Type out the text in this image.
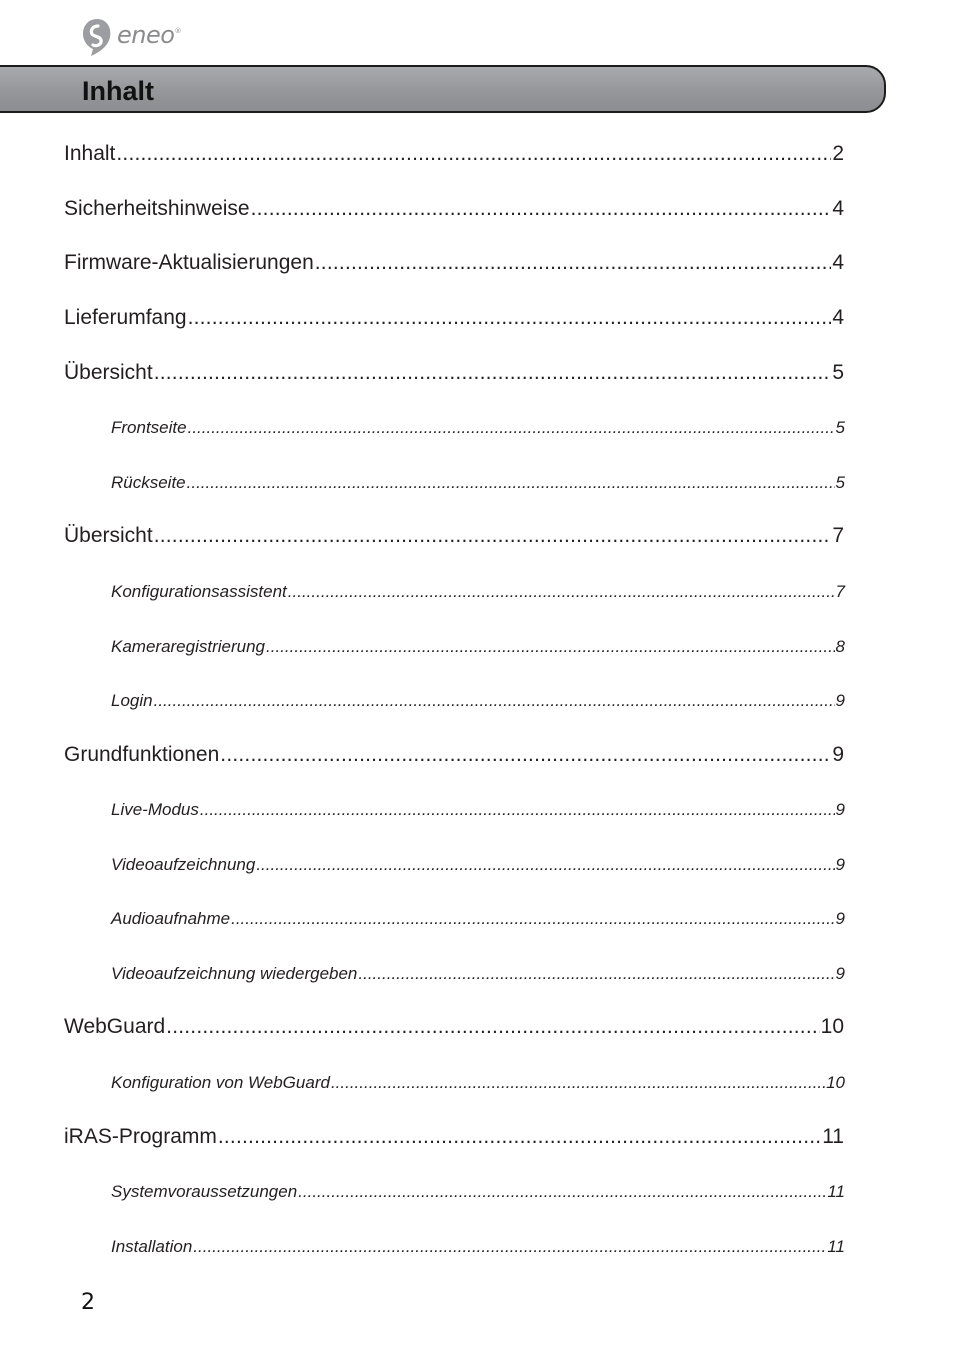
eneo®
Inhalt
Inhalt .....	2
Sicherheitshinweise .....	4
Firmware-Aktualisierungen .....	4
Lieferumfang .....	4
Übersicht .....	5
Frontseite .....	5
Rückseite .....	5
Übersicht .....	7
Konfigurationsassistent .....	7
Kameraregistrierung .....	8
Login .....	9
Grundfunktionen .....	9
Live-Modus .....	9
Videoaufzeichnung .....	9
Audioaufnahme .....	9
Videoaufzeichnung wiedergeben .....	9
WebGuard .....	10
Konfiguration von WebGuard .....	10
iRAS-Programm .....	11
Systemvoraussetzungen .....	11
Installation .....	11
2
